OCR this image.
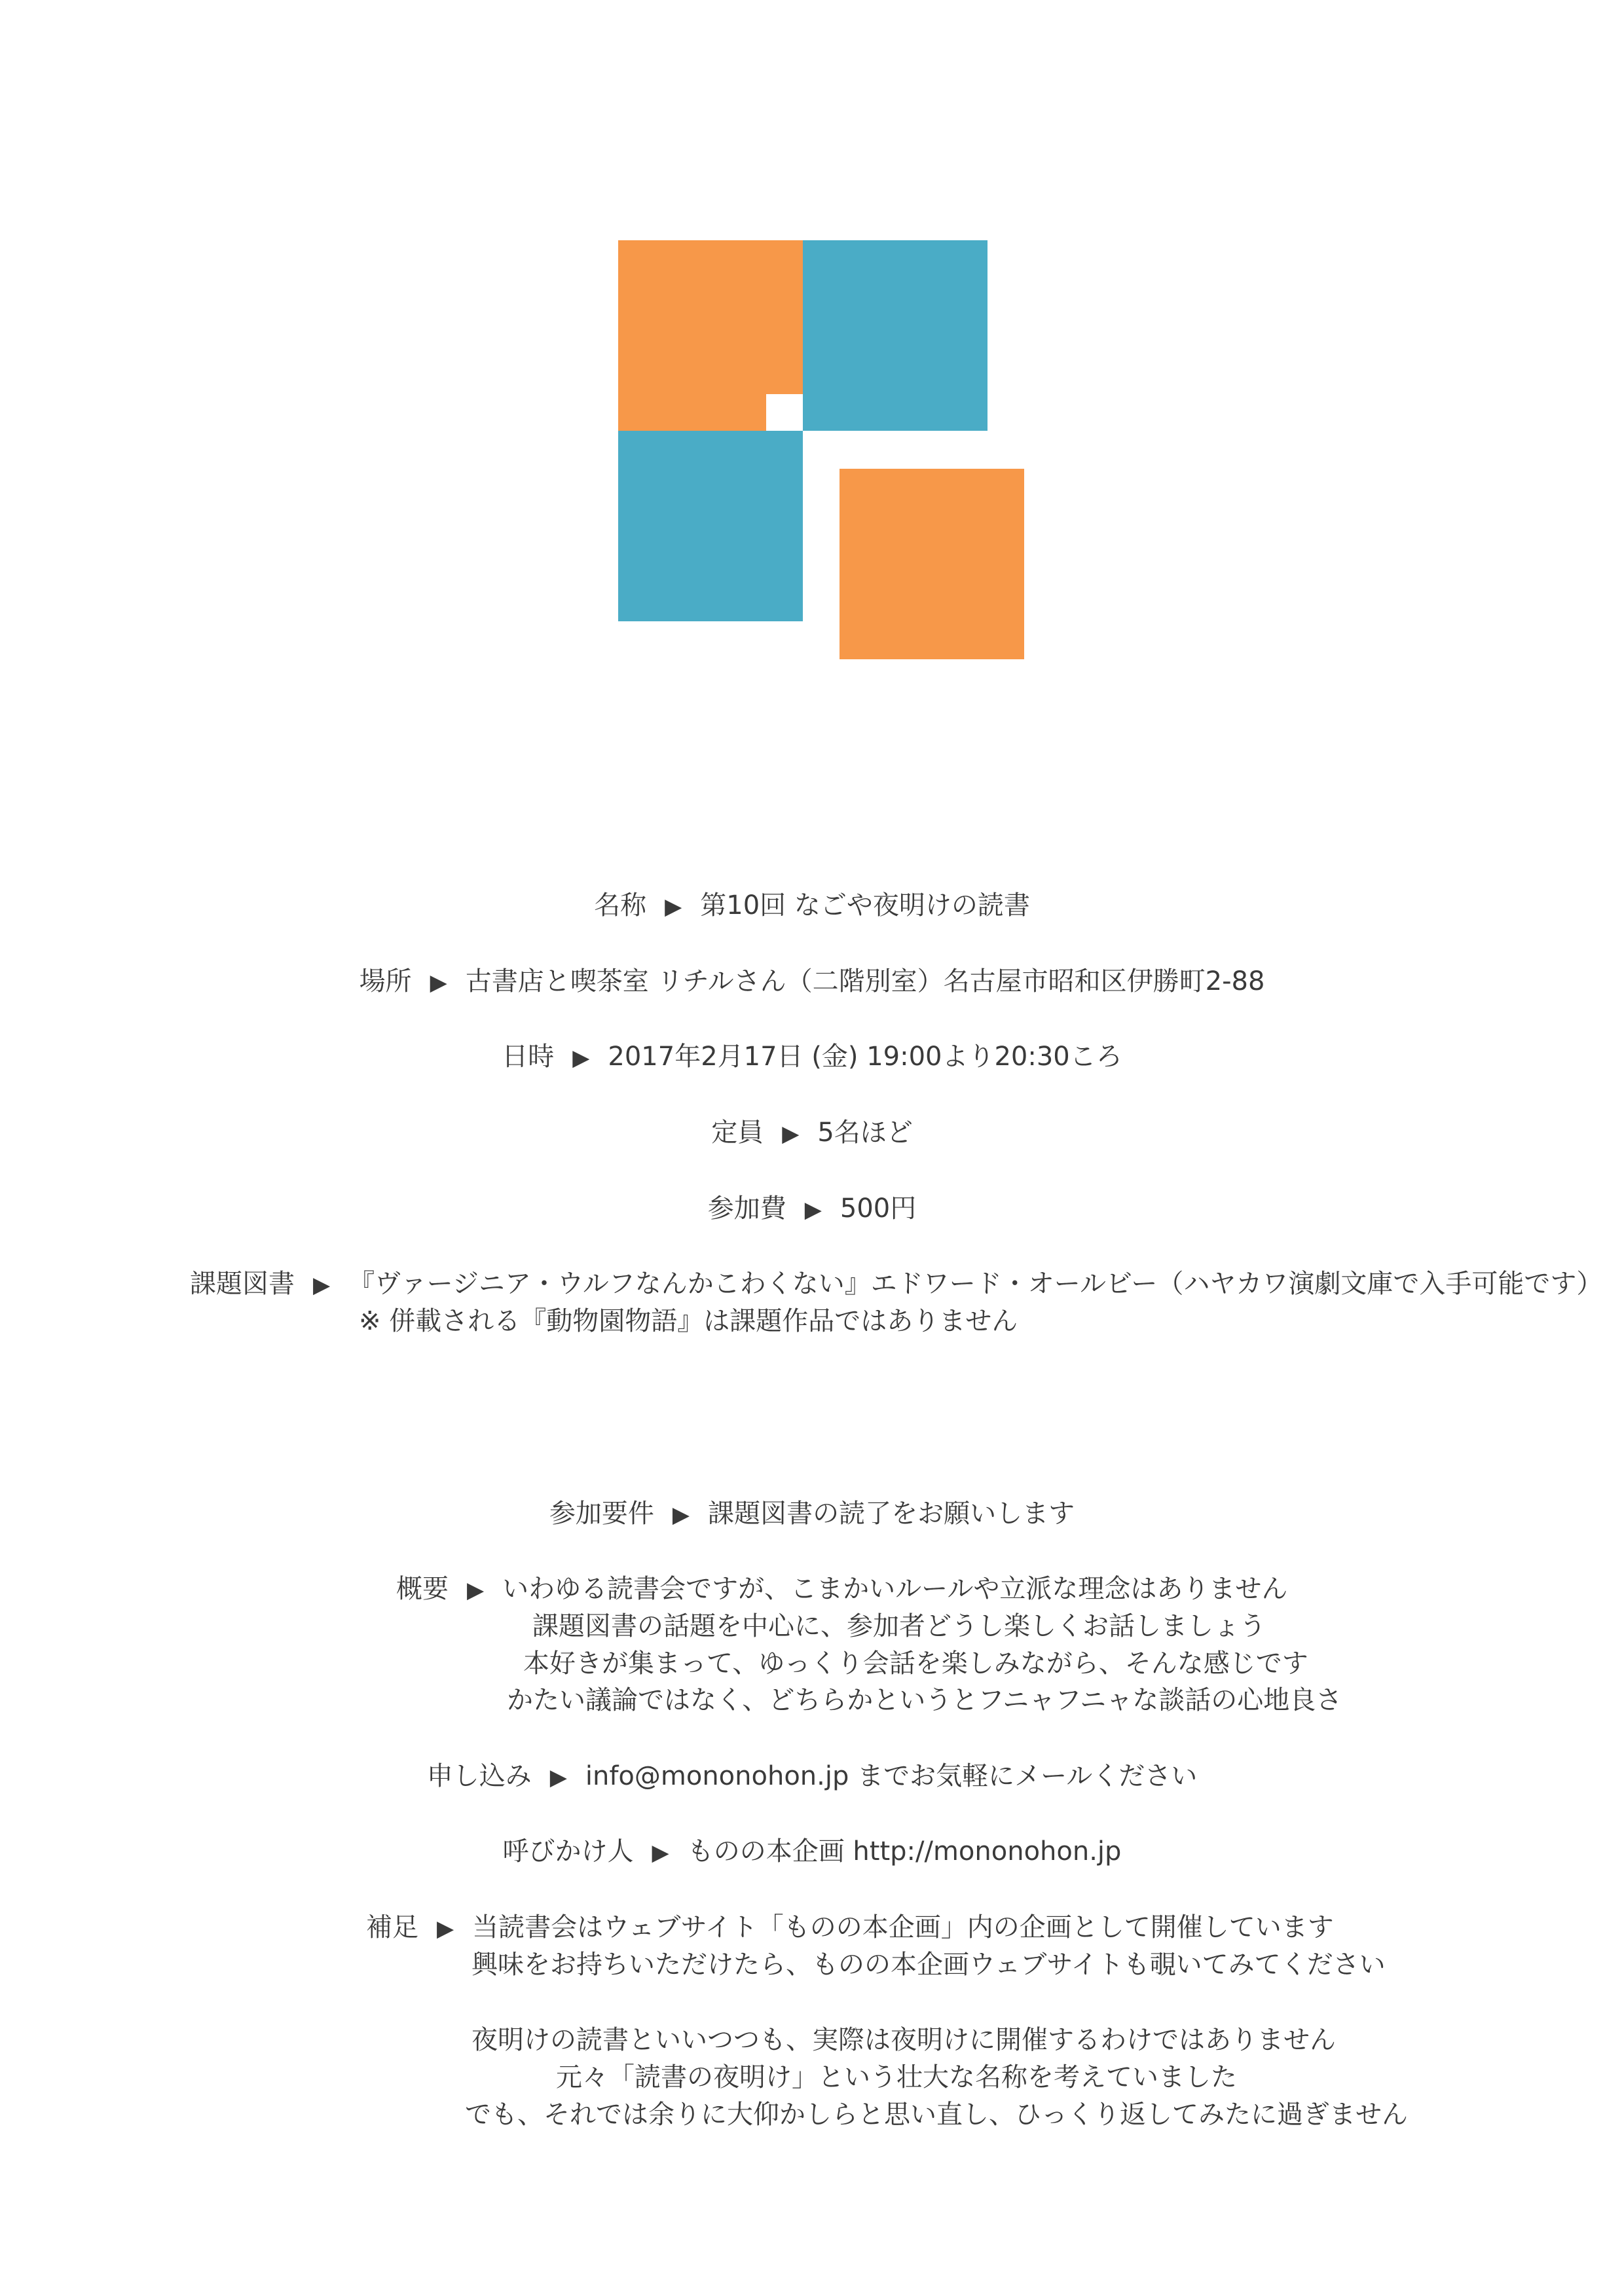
名称 ▶ 第10回 なごや夜明けの読書
場所 ▶ 古書店と喫茶室 リチルさん（二階別室）名古屋市昭和区伊勝町2-88
日時 ▶ 2017年2月17日 (金) 19:00より20:30ころ
定員 ▶ 5名ほど
参加費 ▶ 500円
課題図書 ▶ 『ヴァージニア・ウルフなんかこわくない』エドワード・オールビー（ハヤカワ演劇文庫で入手可能です）
※ 併載される『動物園物語』は課題作品ではありません
参加要件 ▶ 課題図書の読了をお願いします
概要 ▶ いわゆる読書会ですが、こまかいルールや立派な理念はありません
課題図書の話題を中心に、参加者どうし楽しくお話しましょう
本好きが集まって、ゆっくり会話を楽しみながら、そんな感じです
かたい議論ではなく、どちらかというとフニャフニャな談話の心地良さ
申し込み ▶ info@mononohon.jp までお気軽にメールください
呼びかけ人 ▶ ものの本企画 http://mononohon.jp
補足 ▶ 当読書会はウェブサイト「ものの本企画」内の企画として開催しています
興味をお持ちいただけたら、ものの本企画ウェブサイトも覗いてみてください
夜明けの読書といいつつも、実際は夜明けに開催するわけではありません
元々「読書の夜明け」という壮大な名称を考えていました
でも、それでは余りに大仰かしらと思い直し、ひっくり返してみたに過ぎません
